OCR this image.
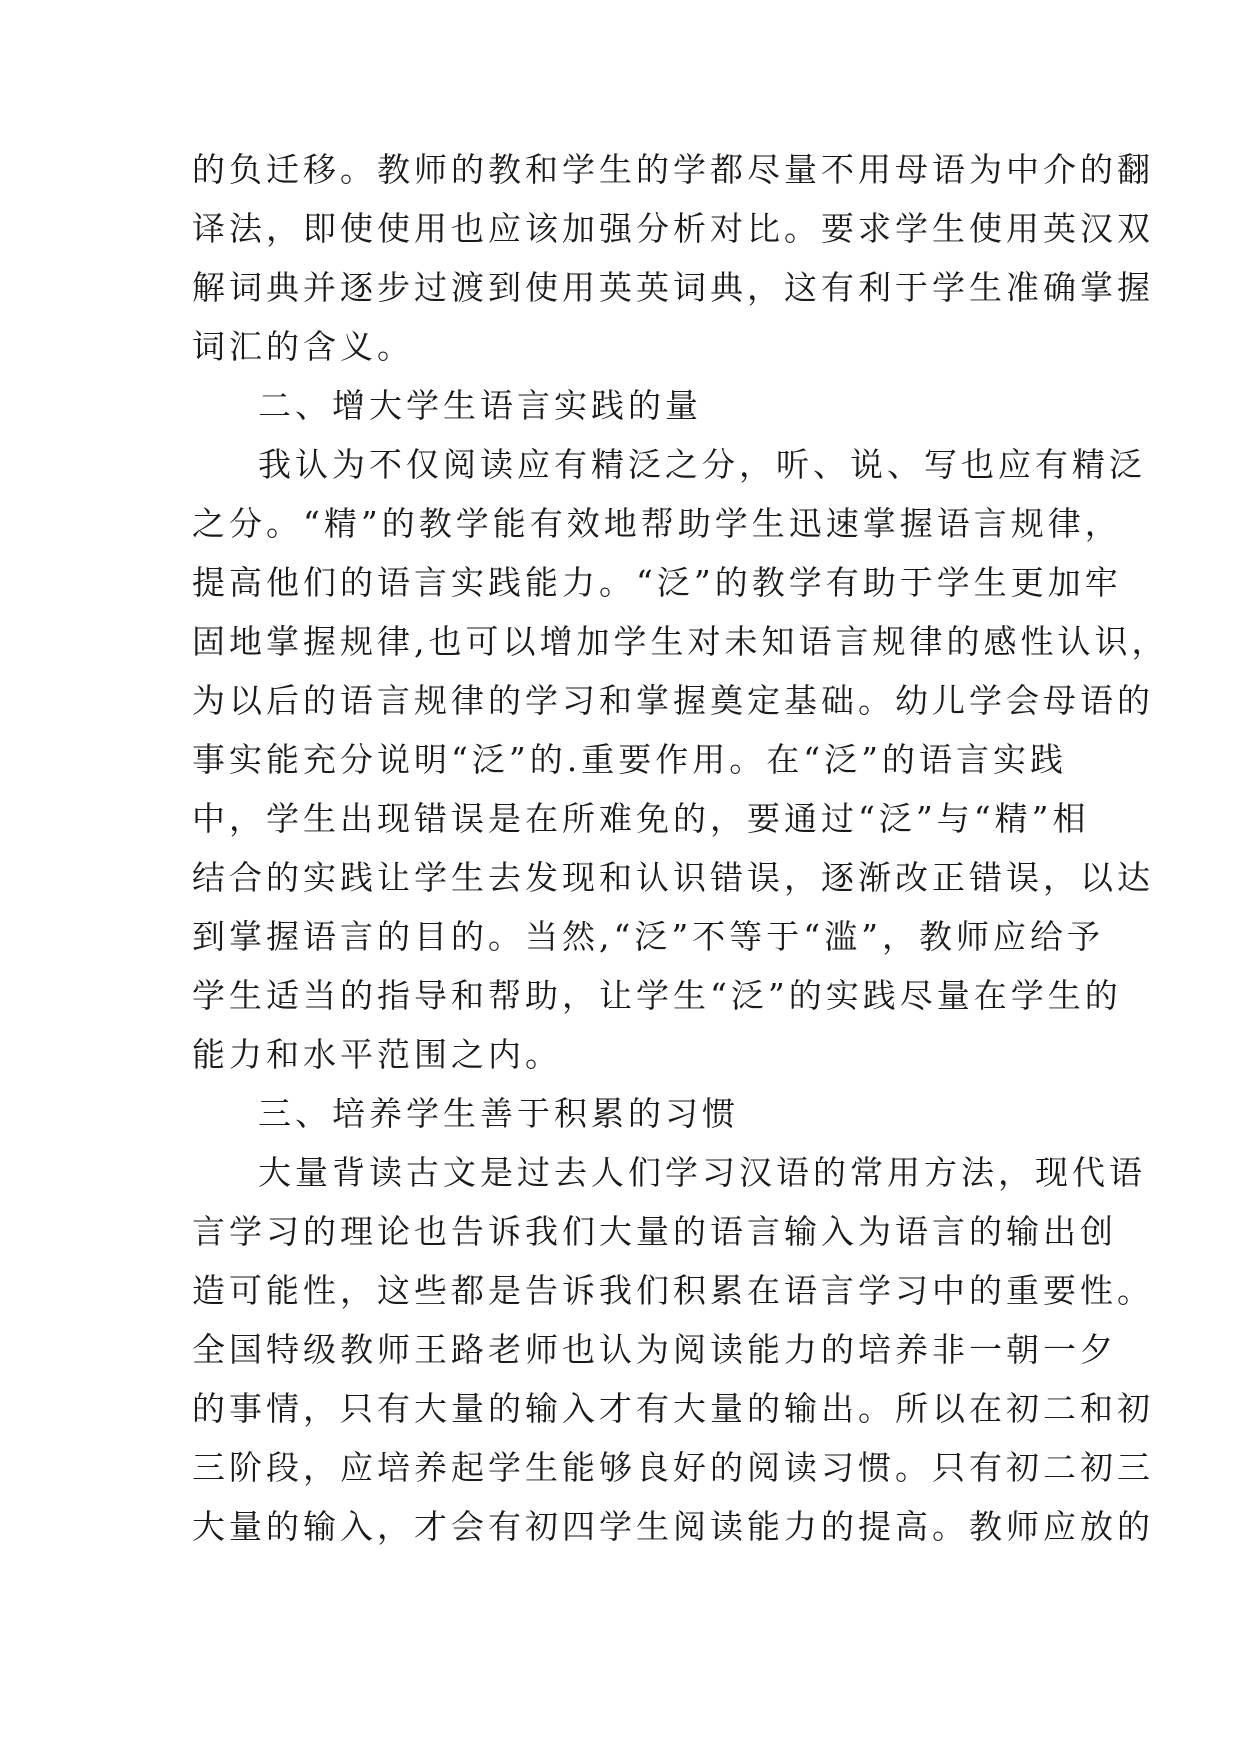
的负迁移。教师的教和学生的学都尽量不用母语为中介的翻
译法，即使使用也应该加强分析对比。要求学生使用英汉双
解词典并逐步过渡到使用英英词典，这有利于学生准确掌握
词汇的含义。
二、增大学生语言实践的量
我认为不仅阅读应有精泛之分，听、说、写也应有精泛
之分。“精”的教学能有效地帮助学生迅速掌握语言规律，
提高他们的语言实践能力。“泛”的教学有助于学生更加牢
固地掌握规律,也可以增加学生对未知语言规律的感性认识，
为以后的语言规律的学习和掌握奠定基础。幼儿学会母语的
事实能充分说明“泛”的.重要作用。在“泛”的语言实践
中，学生出现错误是在所难免的，要通过“泛”与“精”相
结合的实践让学生去发现和认识错误，逐渐改正错误，以达
到掌握语言的目的。当然,“泛”不等于“滥”，教师应给予
学生适当的指导和帮助，让学生“泛”的实践尽量在学生的
能力和水平范围之内。
三、培养学生善于积累的习惯
大量背读古文是过去人们学习汉语的常用方法，现代语
言学习的理论也告诉我们大量的语言输入为语言的输出创
造可能性，这些都是告诉我们积累在语言学习中的重要性。
全国特级教师王路老师也认为阅读能力的培养非一朝一夕
的事情，只有大量的输入才有大量的输出。所以在初二和初
三阶段，应培养起学生能够良好的阅读习惯。只有初二初三
大量的输入，才会有初四学生阅读能力的提高。教师应放的
